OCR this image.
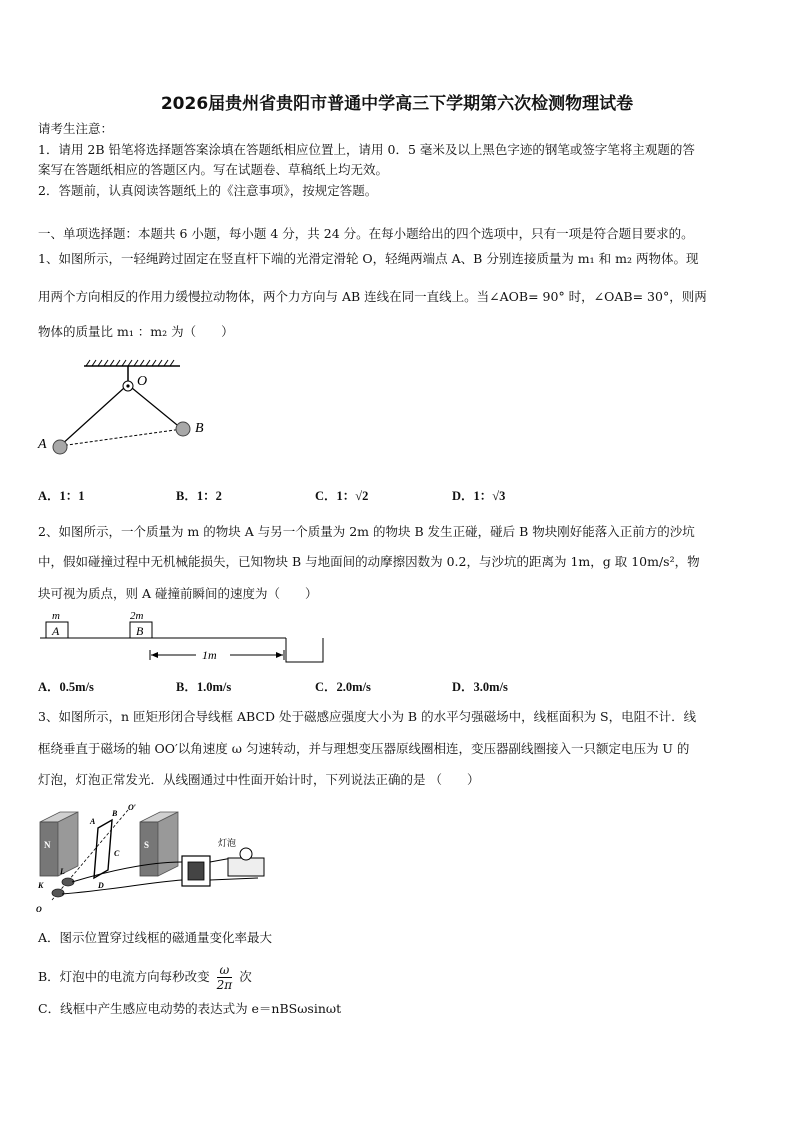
2026届贵州省贵阳市普通中学高三下学期第六次检测物理试卷
请考生注意：
1．请用 2B 铅笔将选择题答案涂填在答题纸相应位置上，请用 0．5 毫米及以上黑色字迹的钢笔或签字笔将主观题的答
案写在答题纸相应的答题区内。写在试题卷、草稿纸上均无效。
2．答题前，认真阅读答题纸上的《注意事项》，按规定答题。
一、单项选择题：本题共 6 小题，每小题 4 分，共 24 分。在每小题给出的四个选项中，只有一项是符合题目要求的。
1、如图所示，一轻绳跨过固定在竖直杆下端的光滑定滑轮 O，轻绳两端点 A、B 分别连接质量为 m₁ 和 m₂ 两物体。现
用两个方向相反的作用力缓慢拉动物体，两个力方向与 AB 连线在同一直线上。当∠AOB= 90° 时，∠OAB= 30°，则两
物体的质量比 m₁ ：m₂ 为（　　）
O
A
B
A．1：1	B．1：2	C．1：√2	D．1：√3
2、如图所示，一个质量为 m 的物块 A 与另一个质量为 2m 的物块 B 发生正碰，碰后 B 物块刚好能落入正前方的沙坑
中，假如碰撞过程中无机械能损失，已知物块 B 与地面间的动摩擦因数为 0.2，与沙坑的距离为 1m，g 取 10m/s²，物
块可视为质点，则 A 碰撞前瞬间的速度为（　　）
m
A
2m
B
1m
A．0.5m/s	B．1.0m/s	C．2.0m/s	D．3.0m/s
3、如图所示，n 匝矩形闭合导线框 ABCD 处于磁感应强度大小为 B 的水平匀强磁场中，线框面积为 S，电阻不计．线
框绕垂直于磁场的轴 OO′以角速度 ω 匀速转动，并与理想变压器原线圈相连，变压器副线圈接入一只额定电压为 U 的
灯泡，灯泡正常发光．从线圈通过中性面开始计时，下列说法正确的是 （　　）
N	S
A
B
C
D
O′
L
K
O
灯泡
A．图示位置穿过线框的磁通量变化率最大
B．灯泡中的电流方向每秒改变 $\frac{\omega}{2\pi}$ 次
C．线框中产生感应电动势的表达式为 e＝nBSωsinωt
